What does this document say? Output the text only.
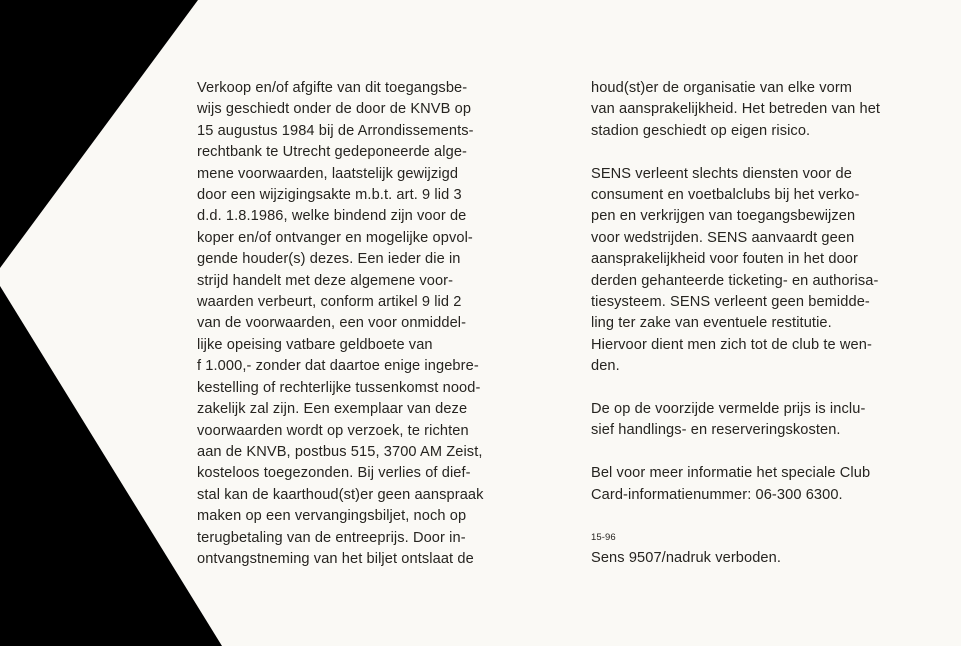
Verkoop en/of afgifte van dit toegangsbe-
wijs geschiedt onder de door de KNVB op
15 augustus 1984 bij de Arrondissements-
rechtbank te Utrecht gedeponeerde alge-
mene voorwaarden, laatstelijk gewijzigd
door een wijzigingsakte m.b.t. art. 9 lid 3
d.d. 1.8.1986, welke bindend zijn voor de
koper en/of ontvanger en mogelijke opvol-
gende houder(s) dezes. Een ieder die in
strijd handelt met deze algemene voor-
waarden verbeurt, conform artikel 9 lid 2
van de voorwaarden, een voor onmiddel-
lijke opeising vatbare geldboete van
f 1.000,- zonder dat daartoe enige ingebre-
kestelling of rechterlijke tussenkomst nood-
zakelijk zal zijn. Een exemplaar van deze
voorwaarden wordt op verzoek, te richten
aan de KNVB, postbus 515, 3700 AM Zeist,
kosteloos toegezonden. Bij verlies of dief-
stal kan de kaarthoud(st)er geen aanspraak
maken op een vervangingsbiljet, noch op
terugbetaling van de entreeprijs. Door in-
ontvangstneming van het biljet ontslaat de
houd(st)er de organisatie van elke vorm
van aansprakelijkheid. Het betreden van het
stadion geschiedt op eigen risico.
SENS verleent slechts diensten voor de
consument en voetbalclubs bij het verko-
pen en verkrijgen van toegangsbewijzen
voor wedstrijden. SENS aanvaardt geen
aansprakelijkheid voor fouten in het door
derden gehanteerde ticketing- en authorisa-
tiesysteem. SENS verleent geen bemidde-
ling ter zake van eventuele restitutie.
Hiervoor dient men zich tot de club te wen-
den.
De op de voorzijde vermelde prijs is inclu-
sief handlings- en reserveringskosten.
Bel voor meer informatie het speciale Club
Card-informatienummer: 06-300 6300.
15-96
Sens 9507/nadruk verboden.
